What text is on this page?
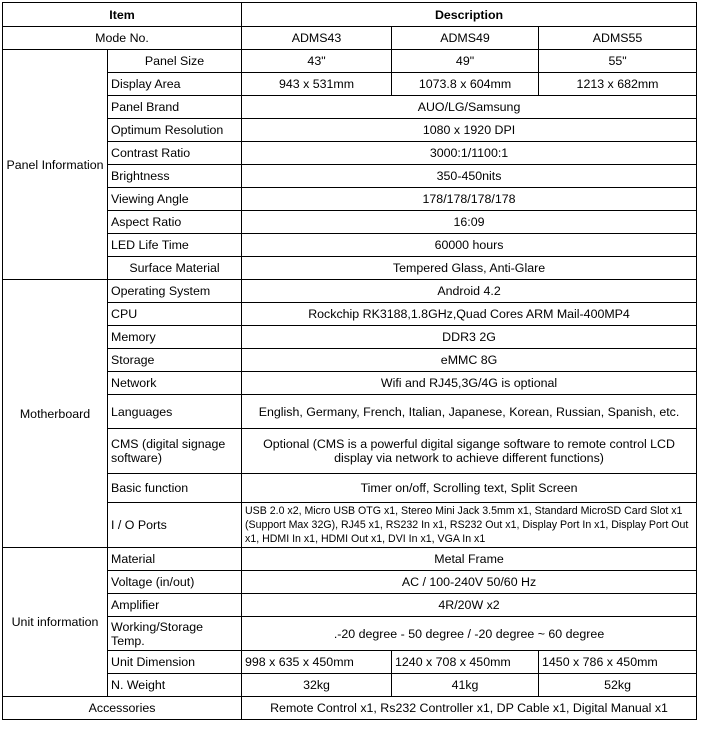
Item		Description		
Mode No.		ADMS43	ADMS49	ADMS55
Panel Information	Panel Size	43"	49"	55"
	Display Area	943 x 531mm	1073.8 x 604mm	1213 x 682mm
	Panel Brand	AUO/LG/Samsung		
	Optimum Resolution	1080 x 1920 DPI		
	Contrast Ratio	3000:1/1100:1		
	Brightness	350-450nits		
	Viewing Angle	178/178/178/178		
	Aspect Ratio	16:09		
	LED Life Time	60000 hours		
	Surface Material	Tempered Glass, Anti-Glare		
Motherboard	Operating System	Android 4.2		
	CPU	Rockchip RK3188,1.8GHz,Quad Cores ARM Mail-400MP4		
	Memory	DDR3 2G		
	Storage	eMMC 8G		
	Network	Wifi and RJ45,3G/4G is optional		
	Languages	English, Germany, French, Italian, Japanese, Korean, Russian, Spanish, etc.		
	CMS (digital signage software)	Optional (CMS is a powerful digital sigange software to remote control LCD display via network to achieve different functions)		
	Basic function	Timer on/off, Scrolling text, Split Screen		
	I / O Ports	USB 2.0 x2, Micro USB OTG x1, Stereo Mini Jack 3.5mm x1, Standard MicroSD Card Slot x1 (Support Max 32G), RJ45 x1, RS232 In x1, RS232 Out x1, Display Port In x1, Display Port Out x1, HDMI In x1, HDMI Out x1, DVI In x1, VGA In x1		
Unit information	Material	Metal Frame		
	Voltage (in/out)	AC / 100-240V 50/60 Hz		
	Amplifier	4R/20W x2		
	Working/Storage Temp.	.-20 degree - 50 degree / -20 degree ~ 60 degree		
	Unit Dimension	998 x 635 x 450mm	1240 x 708 x 450mm	1450 x 786 x 450mm
	N. Weight	32kg	41kg	52kg
Accessories		Remote Control x1, Rs232 Controller x1, DP Cable x1, Digital Manual x1		
